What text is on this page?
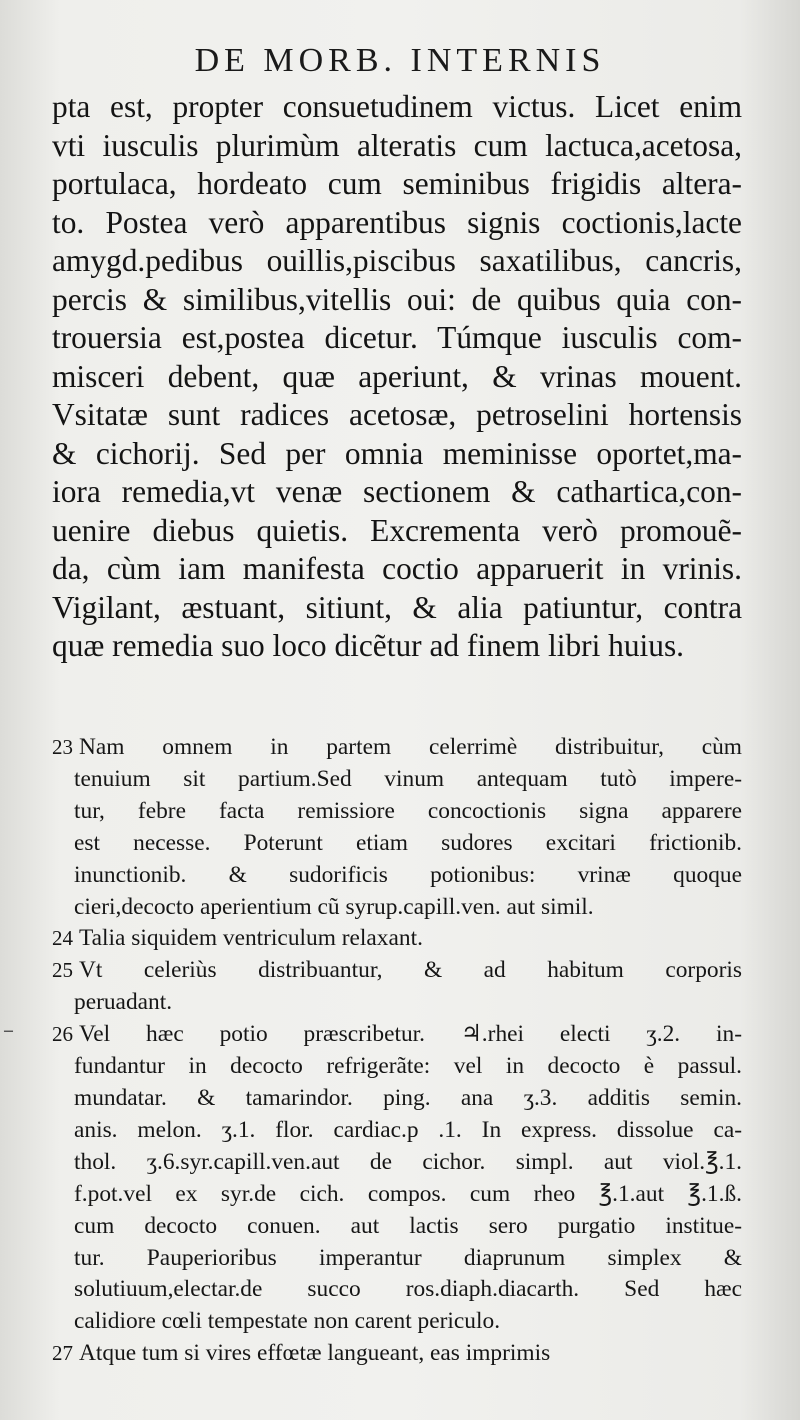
DE MORB. INTERNIS
pta est, propter consuetudinem victus. Licet enim
vti iusculis plurimùm alteratis cum lactuca,acetosa,
portulaca, hordeato cum seminibus frigidis altera-
to. Postea verò apparentibus signis coctionis,lacte
amygd.pedibus ouillis,piscibus saxatilibus, cancris,
percis & similibus,vitellis oui: de quibus quia con-
trouersia est,postea dicetur. Túmque iusculis com-
misceri debent, quæ aperiunt, & vrinas mouent.
Vsitatæ sunt radices acetosæ, petroselini hortensis
& cichorij. Sed per omnia meminisse oportet,ma-
iora remedia,vt venæ sectionem & cathartica,con-
uenire diebus quietis. Excrementa verò promouẽ-
da, cùm iam manifesta coctio apparuerit in vrinis.
Vigilant, æstuant, sitiunt, & alia patiuntur, contra
quæ remedia suo loco dicẽtur ad finem libri huius.
23 Nam omnem in partem celerrimè distribuitur, cùm
tenuium sit partium.Sed vinum antequam tutò impere-
tur, febre facta remissiore concoctionis signa apparere
est necesse. Poterunt etiam sudores excitari frictionib.
inunctionib. & sudorificis potionibus: vrinæ quoque
cieri,decocto aperientium cũ syrup.capill.ven. aut simil.
24 Talia siquidem ventriculum relaxant.
25 Vt celeriùs distribuantur, & ad habitum corporis
peruadant.
26 Vel hæc potio præscribetur. ♃.rhei electi ʒ.2. in-
fundantur in decocto refrigerãte: vel in decocto è passul.
mundatar. & tamarindor. ping. ana ʒ.3. additis semin.
anis. melon. ʒ.1. flor. cardiac.p .1. In express. dissolue ca-
thol. ʒ.6.syr.capill.ven.aut de cichor. simpl. aut viol.℥.1.
f.pot.vel ex syr.de cich. compos. cum rheo ℥.1.aut ℥.1.ß.
cum decocto conuen. aut lactis sero purgatio institue-
tur. Pauperioribus imperantur diaprunum simplex &
solutiuum,electar.de succo ros.diaph.diacarth. Sed hæc
calidiore cœli tempestate non carent periculo.
27 Atque tum si vires effœtæ langueant, eas imprimis
–
